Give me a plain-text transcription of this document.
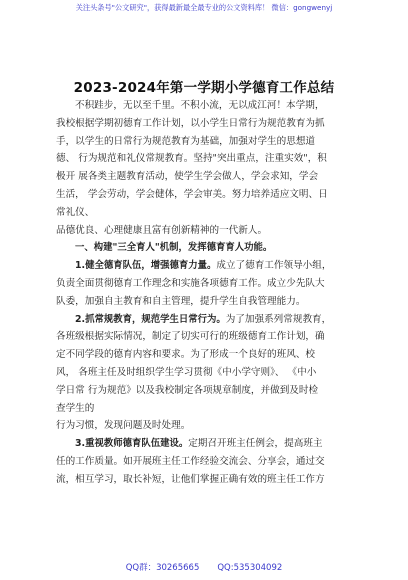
关注头条号"公文研究"，获得最新最全最专业的公文资料库！ 微信：gongwenyj
2023-2024年第一学期小学德育工作总结
不积跬步，无以至千里。不积小流，无以成江河！本学期，
我校根据学期初德育工作计划，以小学生日常行为规范教育为抓
手，以学生的日常行为规范教育为基础，加强对学生的思想道
德、 行为规范和礼仪常规教育。坚持"突出重点，注重实效"，积
极开 展各类主题教育活动，使学生学会做人，学会求知，学会
生活， 学会劳动，学会健体，学会审美。努力培养适应文明、日
常礼仪、
品德优良、心理健康且富有创新精神的一代新人。
一、构建"三全育人"机制，发挥德育育人功能。
1.健全德育队伍，增强德育力量。成立了德育工作领导小组，
负责全面贯彻德育工作理念和实施各项德育工作。成立少先队大
队委，加强自主教育和自主管理，提升学生自我管理能力。
2.抓常规教育，规范学生日常行为。为了加强系列常规教育，
各班级根据实际情况，制定了切实可行的班级德育工作计划，确
定不同学段的德育内容和要求。为了形成一个良好的班风、校
风， 各班主任及时组织学生学习贯彻《中小学守则》、 《中小
学日常 行为规范》以及我校制定各项规章制度，并做到及时检
查学生的
行为习惯，发现问题及时处理。
3.重视教师德育队伍建设。定期召开班主任例会，提高班主
任的工作质量。如开展班主任工作经验交流会、分享会，通过交
流，相互学习，取长补短，让他们掌握正确有效的班主任工作方
QQ群：30265665 QQ:535304092
